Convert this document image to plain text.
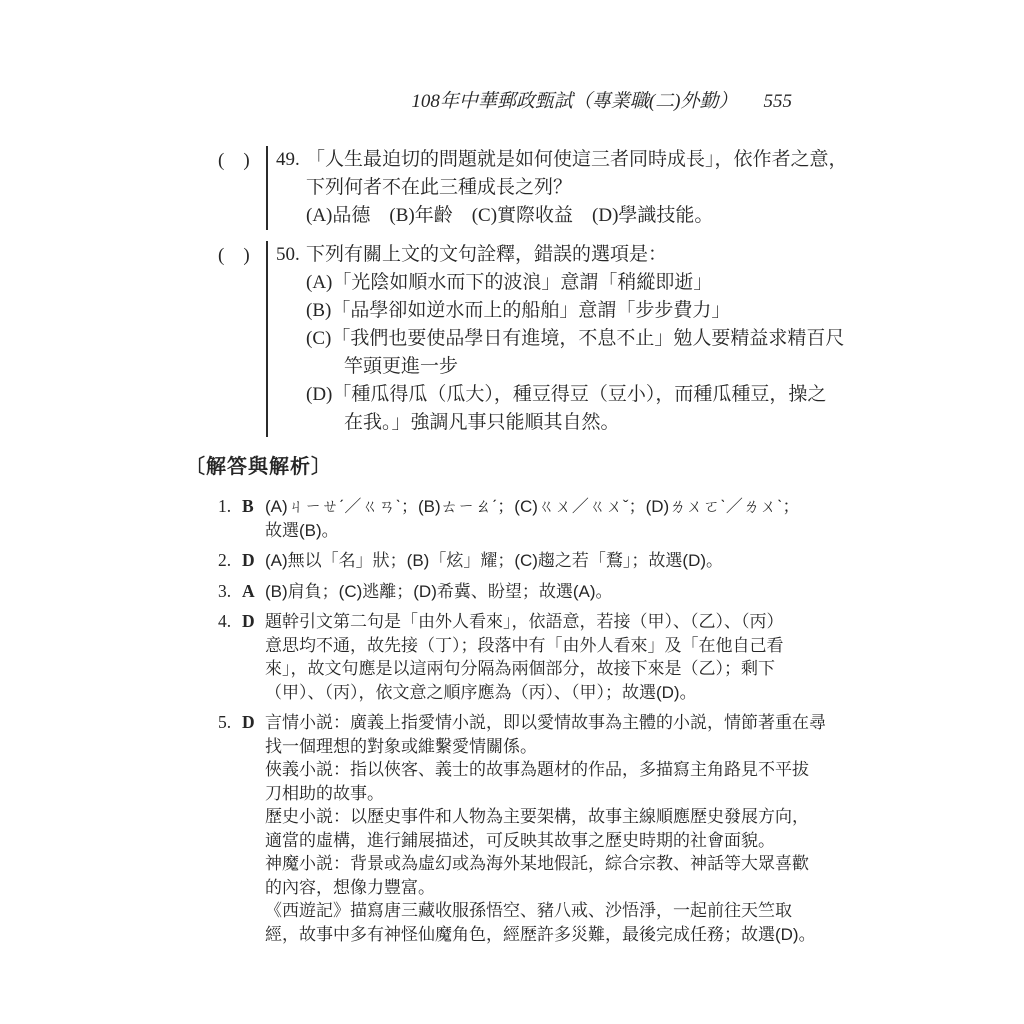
108年中華郵政甄試（專業職(二)外勤） 555
(　)	49. 「人生最迫切的問題就是如何使這三者同時成長」，依作者之意，
下列何者不在此三種成長之列？
(A)品德　(B)年齡　(C)實際收益　(D)學識技能。
(　)	50. 下列有關上文的文句詮釋，錯誤的選項是：
(A)「光陰如順水而下的波浪」意謂「稍縱即逝」
(B)「品學卻如逆水而上的船舶」意謂「步步費力」
(C)「我們也要使品學日有進境，不息不止」勉人要精益求精百尺
　　竿頭更進一步
(D)「種瓜得瓜（瓜大），種豆得豆（豆小），而種瓜種豆，操之
　　在我。」強調凡事只能順其自然。
〔解答與解析〕
1. B (A)ㄐㄧㄝˊ／ㄍㄢˋ；(B)ㄊㄧㄠˊ；(C)ㄍㄨ／ㄍㄨˇ；(D)ㄌㄨㄛˋ／ㄌㄨˋ；
故選(B)。
2. D (A)無以「名」狀；(B)「炫」耀；(C)趨之若「鶩」；故選(D)。
3. A (B)肩負；(C)逃離；(D)希冀、盼望；故選(A)。
4. D 題幹引文第二句是「由外人看來」，依語意，若接（甲）、（乙）、（丙）
意思均不通，故先接（丁）；段落中有「由外人看來」及「在他自己看
來」，故文句應是以這兩句分隔為兩個部分，故接下來是（乙）；剩下
（甲）、（丙），依文意之順序應為（丙）、（甲）；故選(D)。
5. D 言情小説：廣義上指愛情小説，即以愛情故事為主體的小説，情節著重在尋
找一個理想的對象或維繫愛情關係。
俠義小説：指以俠客、義士的故事為題材的作品，多描寫主角路見不平拔
刀相助的故事。
歷史小説：以歷史事件和人物為主要架構，故事主線順應歷史發展方向，
適當的虛構，進行鋪展描述，可反映其故事之歷史時期的社會面貌。
神魔小説：背景或為虛幻或為海外某地假託，綜合宗教、神話等大眾喜歡
的內容，想像力豐富。
《西遊記》描寫唐三藏收服孫悟空、豬八戒、沙悟淨，一起前往天竺取
經，故事中多有神怪仙魔角色，經歷許多災難，最後完成任務；故選(D)。
